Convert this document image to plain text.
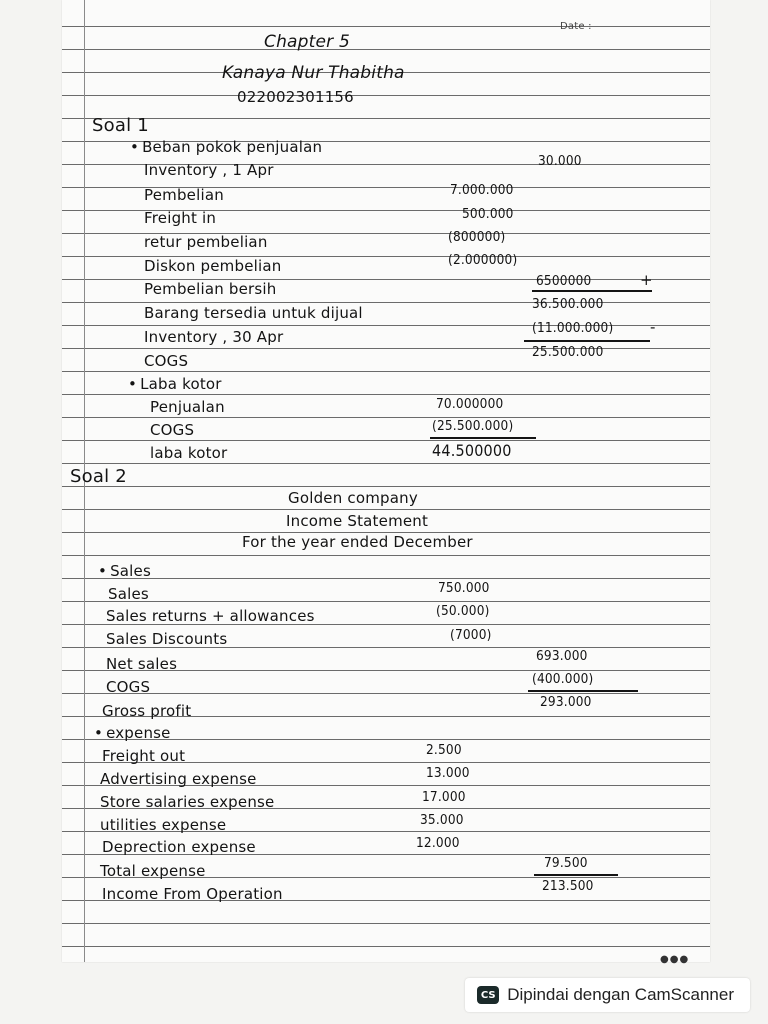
Date :
Chapter 5
Kanaya Nur Thabitha
022002301156
Soal 1
• Beban pokok penjualan
Inventory , 1 Apr	30.000
Pembelian	7.000.000
Freight in	500.000
retur pembelian	(800000)
Diskon pembelian	(2.000000)
Pembelian bersih	6500000	+
Barang tersedia untuk dijual	36.500.000
Inventory , 30 Apr	(11.000.000) -
COGS	25.500.000
• Laba kotor
Penjualan	70.000000
COGS	(25.500.000)
laba kotor	44.500000
Soal 2
Golden company
Income Statement
For the year ended December
• Sales
Sales	750.000
Sales returns + allowances	(50.000)
Sales Discounts	(7000)
Net sales	693.000
COGS	(400.000)
Gross profit	293.000
• expense
Freight out	2.500
Advertising expense	13.000
Store salaries expense	17.000
utilities expense	35.000
Deprection expense	12.000
Total expense	79.500
Income From Operation	213.500
●●●
CS Dipindai dengan CamScanner
